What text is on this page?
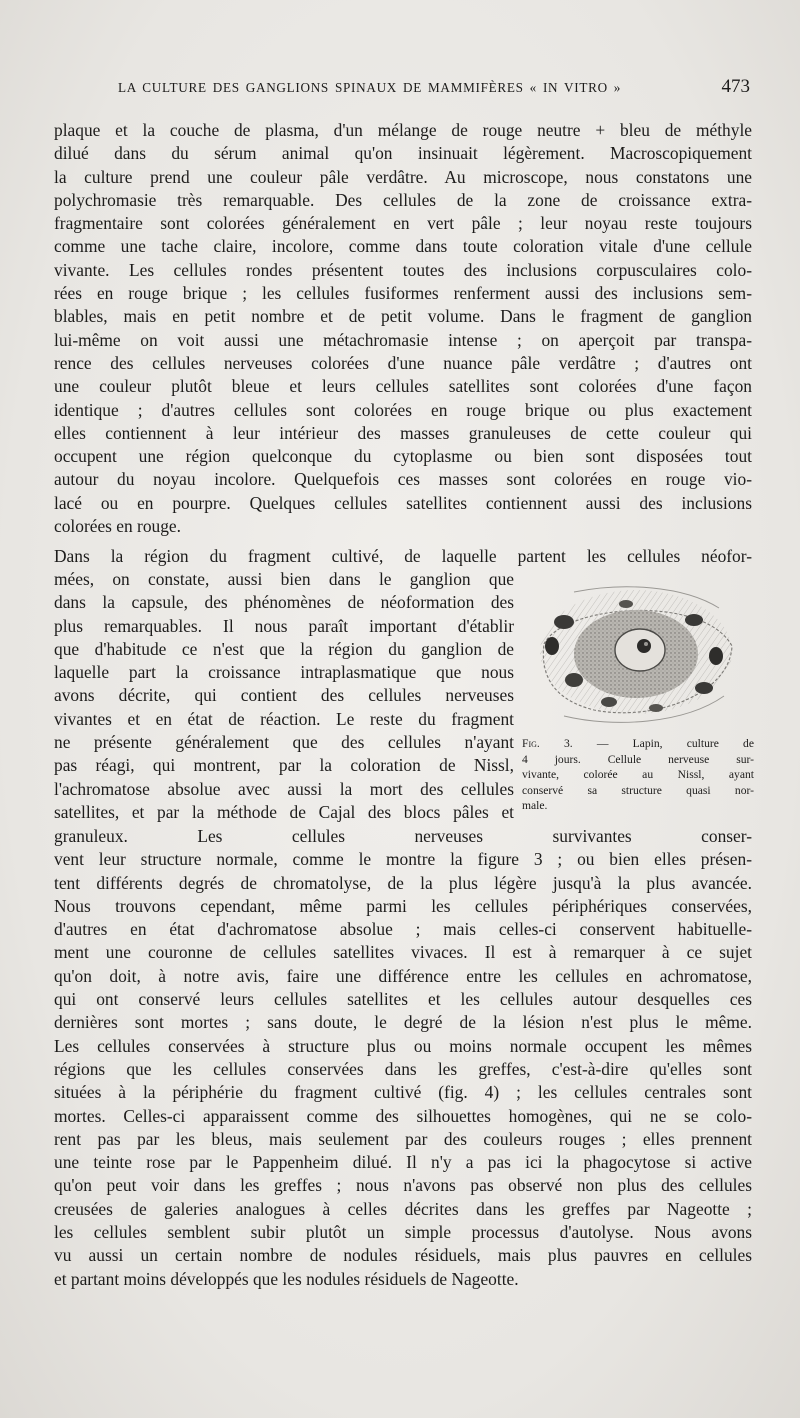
LA CULTURE DES GANGLIONS SPINAUX DE MAMMIFÈRES « IN VITRO »	473
plaque et la couche de plasma, d'un mélange de rouge neutre + bleu de méthyle
dilué dans du sérum animal qu'on insinuait légèrement. Macroscopiquement
la culture prend une couleur pâle verdâtre. Au microscope, nous constatons une
polychromasie très remarquable. Des cellules de la zone de croissance extra-
fragmentaire sont colorées généralement en vert pâle ; leur noyau reste toujours
comme une tache claire, incolore, comme dans toute coloration vitale d'une cellule
vivante. Les cellules rondes présentent toutes des inclusions corpusculaires colo-
rées en rouge brique ; les cellules fusiformes renferment aussi des inclusions sem-
blables, mais en petit nombre et de petit volume. Dans le fragment de ganglion
lui-même on voit aussi une métachromasie intense ; on aperçoit par transpa-
rence des cellules nerveuses colorées d'une nuance pâle verdâtre ; d'autres ont
une couleur plutôt bleue et leurs cellules satellites sont colorées d'une façon
identique ; d'autres cellules sont colorées en rouge brique ou plus exactement
elles contiennent à leur intérieur des masses granuleuses de cette couleur qui
occupent une région quelconque du cytoplasme ou bien sont disposées tout
autour du noyau incolore. Quelquefois ces masses sont colorées en rouge vio-
lacé ou en pourpre. Quelques cellules satellites contiennent aussi des inclusions
colorées en rouge.
Dans la région du fragment cultivé, de laquelle partent les cellules néofor-
mées, on constate, aussi bien dans le ganglion que
dans la capsule, des phénomènes de néoformation des
plus remarquables. Il nous paraît important d'établir
que d'habitude ce n'est que la région du ganglion de
laquelle part la croissance intraplasmatique que nous
avons décrite, qui contient des cellules nerveuses
vivantes et en état de réaction. Le reste du fragment
ne présente généralement que des cellules n'ayant
pas réagi, qui montrent, par la coloration de Nissl,
l'achromatose absolue avec aussi la mort des cellules
satellites, et par la méthode de Cajal des blocs pâles et
Fig. 3. — Lapin, culture de
4 jours. Cellule nerveuse sur-
vivante, colorée au Nissl, ayant
conservé sa structure quasi nor-
male.
granuleux. Les cellules nerveuses survivantes conser-
vent leur structure normale, comme le montre la figure 3 ; ou bien elles présen-
tent différents degrés de chromatolyse, de la plus légère jusqu'à la plus avancée.
Nous trouvons cependant, même parmi les cellules périphériques conservées,
d'autres en état d'achromatose absolue ; mais celles-ci conservent habituelle-
ment une couronne de cellules satellites vivaces. Il est à remarquer à ce sujet
qu'on doit, à notre avis, faire une différence entre les cellules en achromatose,
qui ont conservé leurs cellules satellites et les cellules autour desquelles ces
dernières sont mortes ; sans doute, le degré de la lésion n'est plus le même.
Les cellules conservées à structure plus ou moins normale occupent les mêmes
régions que les cellules conservées dans les greffes, c'est-à-dire qu'elles sont
situées à la périphérie du fragment cultivé (fig. 4) ; les cellules centrales sont
mortes. Celles-ci apparaissent comme des silhouettes homogènes, qui ne se colo-
rent pas par les bleus, mais seulement par des couleurs rouges ; elles prennent
une teinte rose par le Pappenheim dilué. Il n'y a pas ici la phagocytose si active
qu'on peut voir dans les greffes ; nous n'avons pas observé non plus des cellules
creusées de galeries analogues à celles décrites dans les greffes par Nageotte ;
les cellules semblent subir plutôt un simple processus d'autolyse. Nous avons
vu aussi un certain nombre de nodules résiduels, mais plus pauvres en cellules
et partant moins développés que les nodules résiduels de Nageotte.
